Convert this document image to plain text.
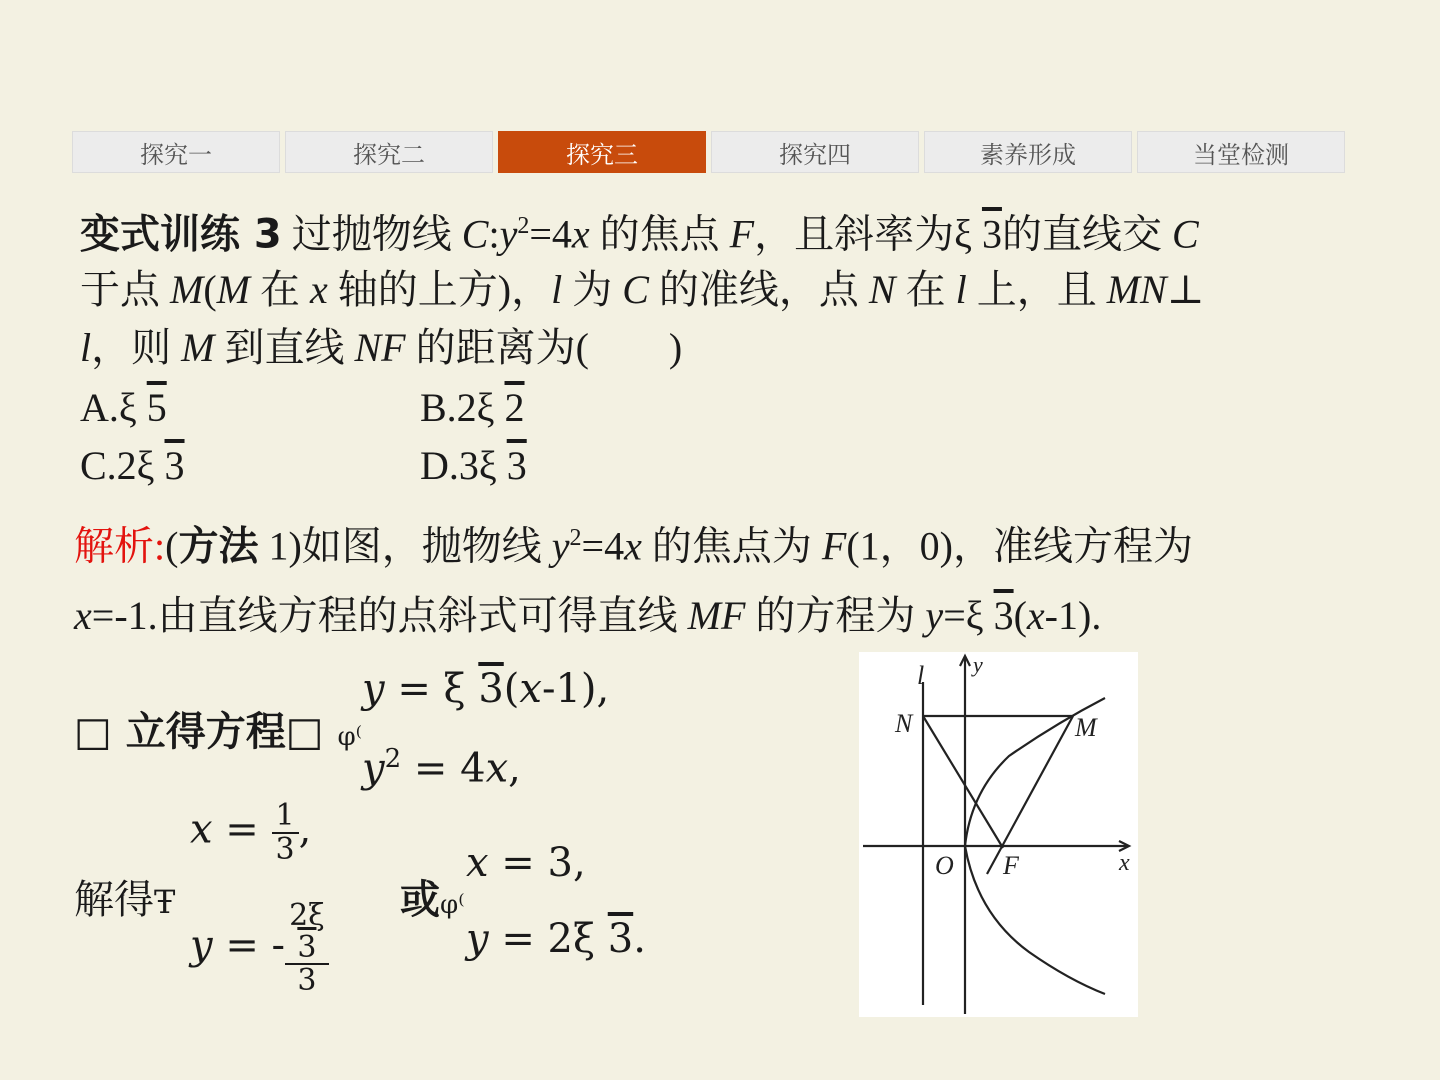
探究一	探究二	探究三	探究四	素养形成	当堂检测
变式训练 3 过抛物线 $C:y^2=4x$ 的焦点 F，且斜率为ξ 3的直线交 C
于点 M(M 在 x 轴的上方)，l 为 C 的准线，点 N 在 l 上，且 MN⊥
l，则 M 到直线 NF 的距离为(　　)
A.ξ 5	B.2ξ 2
C.2ξ 3	D.3ξ 3
解析:(方法 1)如图，抛物线 $y^2=4x$ 的焦点为 F(1，0)，准线方程为
x=-1.由直线方程的点斜式可得直线 MF 的方程为 y=ξ 3(x-1).
□ 立得方程□ φ⁽
y = ξ 3(x-1),
$y^2 = 4x$,
解得Ŧ
$x = \frac{1}{3}$ ,
y = - 2ξ
3
3 或φ⁽
x = 3,
y = 2ξ 3.
l y
N	M
O F	x
